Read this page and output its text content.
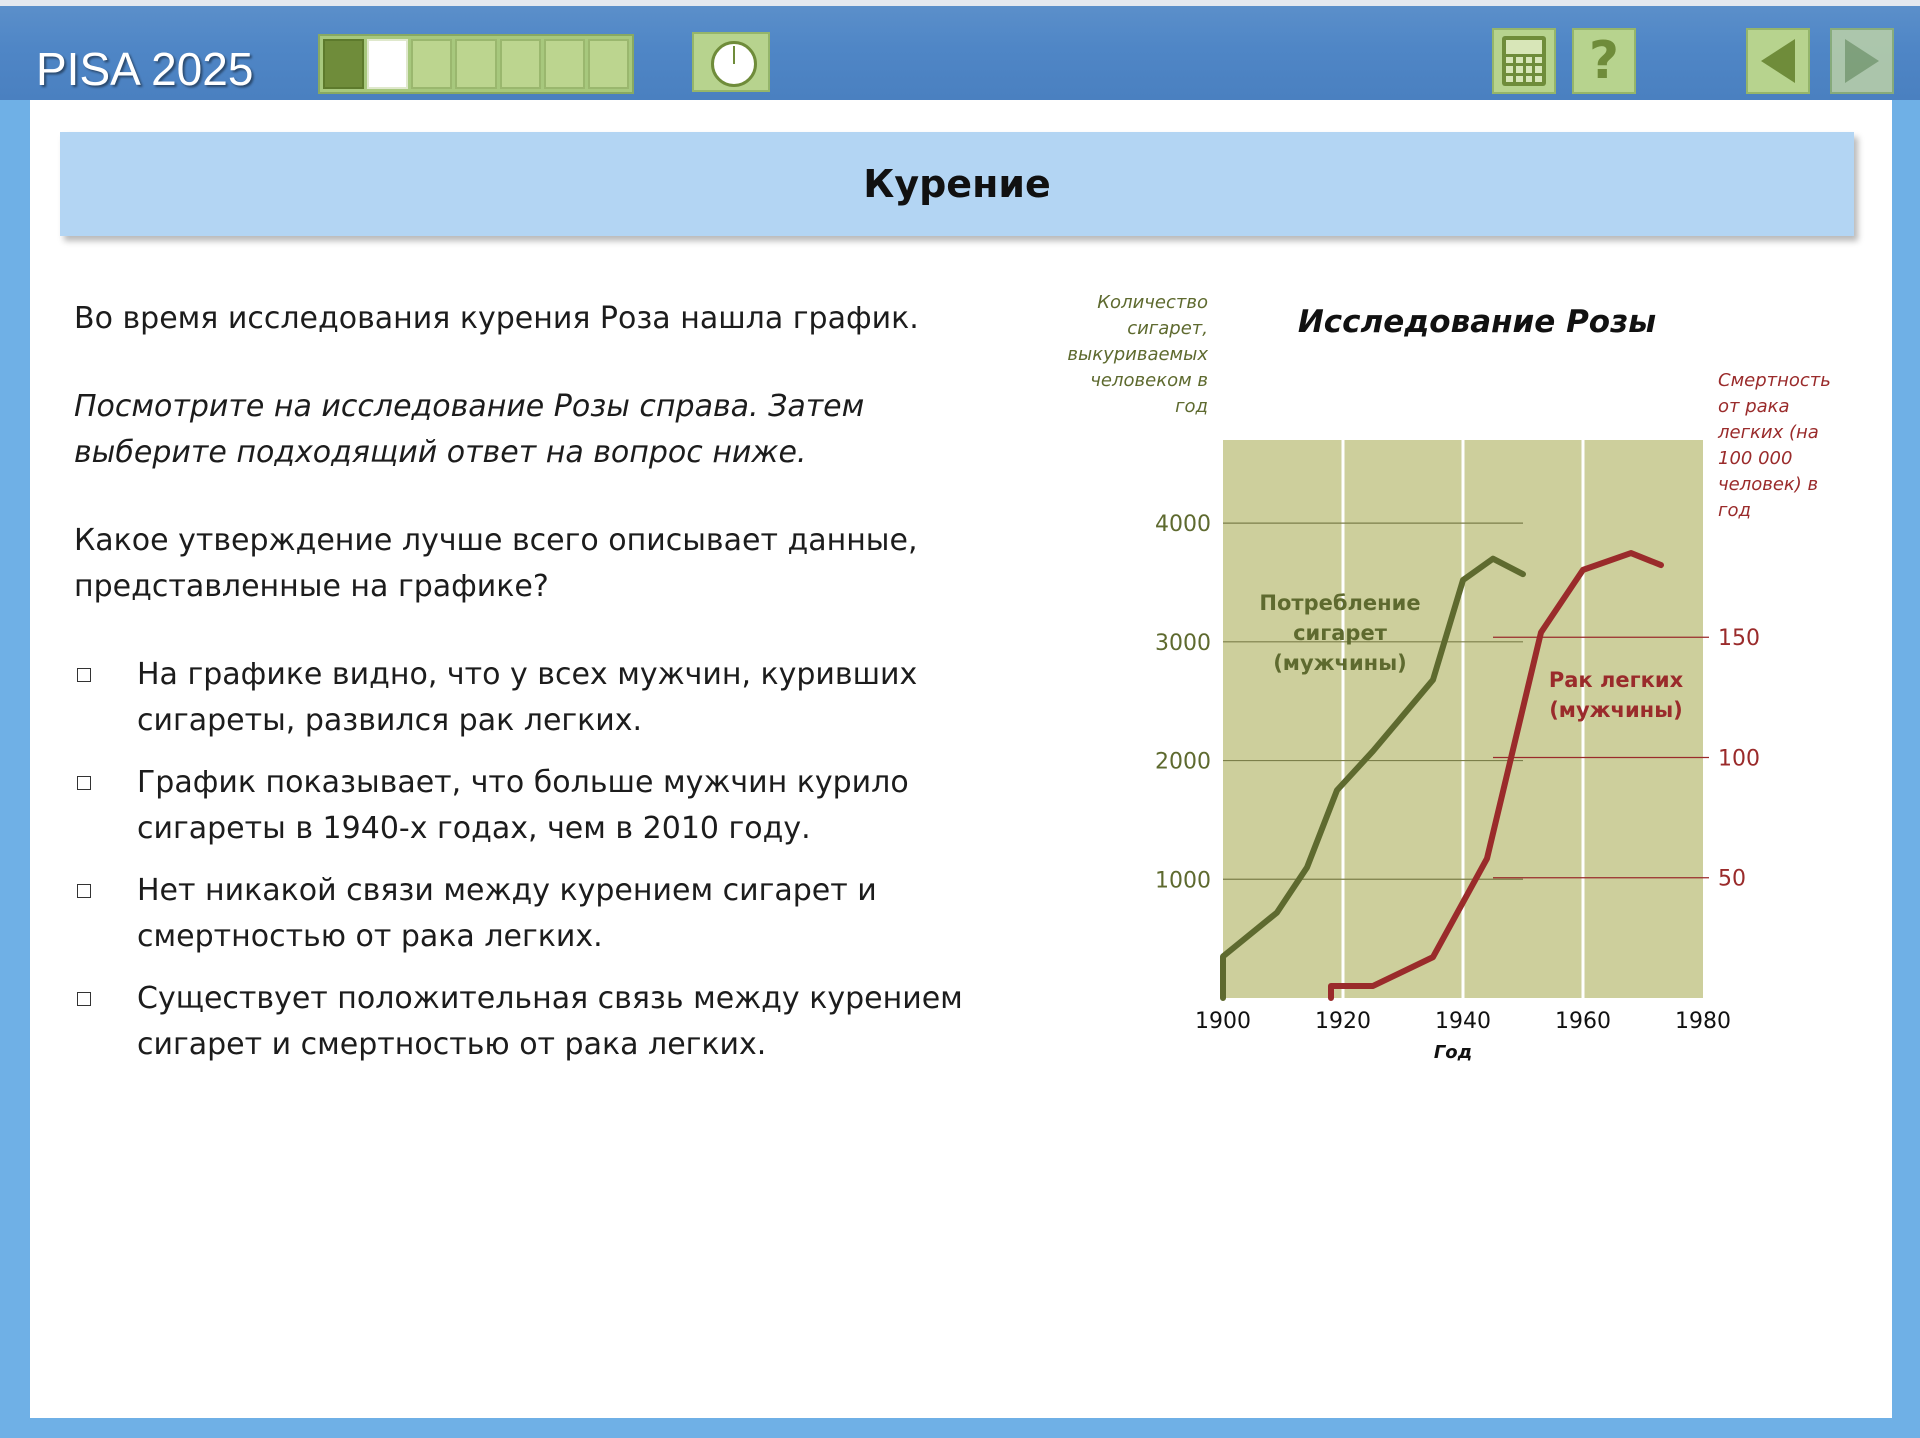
PISA 2025	?
Курение

Во время исследования курения Роза нашла график.

Посмотрите на исследование Розы справа. Затем выберите подходящий ответ на вопрос ниже.

Какое утверждение лучше всего описывает данные, представленные на графике?

На графике видно, что у всех мужчин, куривших сигареты, развился рак легких.
График показывает, что больше мужчин курило сигареты в 1940-х годах, чем в 2010 году.
Нет никакой связи между курением сигарет и смертностью от рака легких.
Существует положительная связь между курением сигарет и смертностью от рака легких.
Исследование Розы
1000
2000
3000
4000
50
100
150
1900	1920	1940	1960	1980
Год
Количество
сигарет,
выкуриваемых
человеком в
год
Смертность
от рака
легких (на
100 000
человек) в
год
Потребление
сигарет
(мужчины)
Рак легких
(мужчины)
